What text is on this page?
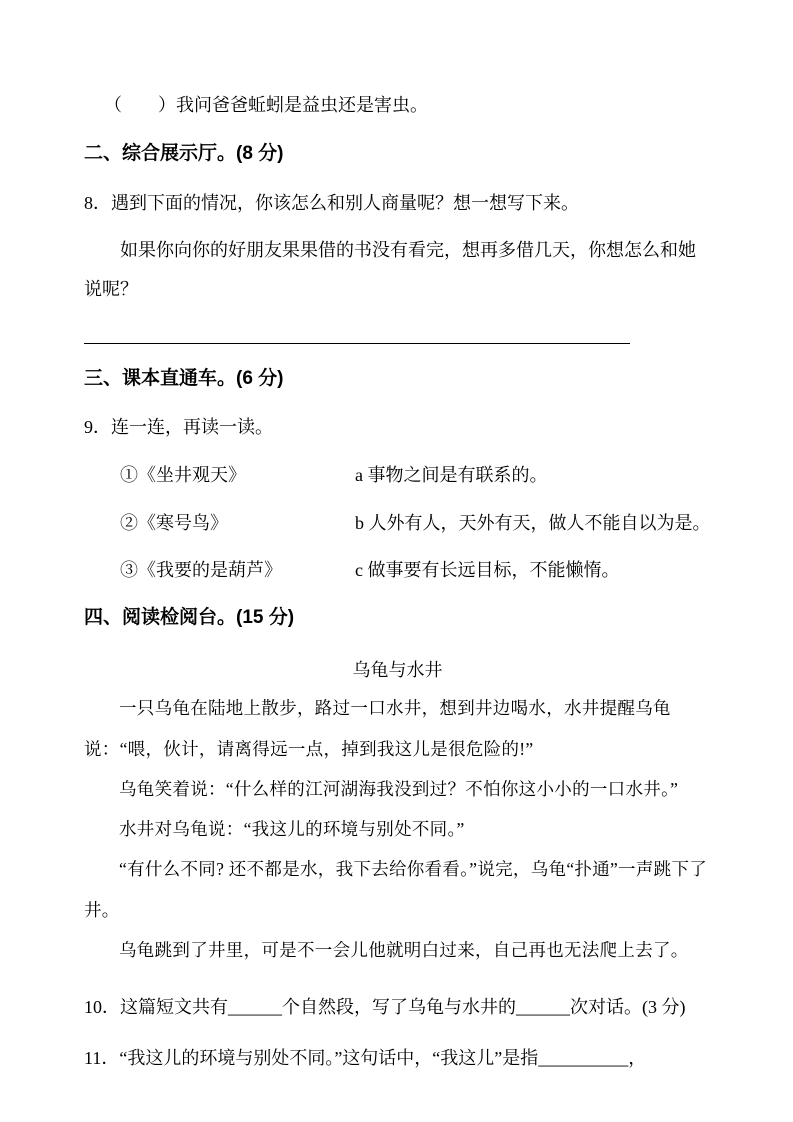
（　　）我问爸爸蚯蚓是益虫还是害虫。
二、综合展示厅。(8 分)
8．遇到下面的情况，你该怎么和别人商量呢？想一想写下来。

如果你向你的好朋友果果借的书没有看完，想再多借几天，你想怎么和她说呢？

三、课本直通车。(6 分)
9．连一连，再读一读。
①《坐井观天》	a 事物之间是有联系的。
②《寒号鸟》	b 人外有人，天外有天，做人不能自以为是。
③《我要的是葫芦》	c 做事要有长远目标，不能懒惰。
四、阅读检阅台。(15 分)
乌龟与水井

一只乌龟在陆地上散步，路过一口水井，想到井边喝水，水井提醒乌龟说：“喂，伙计，请离得远一点，掉到我这儿是很危险的!”

乌龟笑着说：“什么样的江河湖海我没到过？不怕你这小小的一口水井。”

水井对乌龟说：“我这儿的环境与别处不同。”

“有什么不同? 还不都是水，我下去给你看看。”说完，乌龟“扑通”一声跳下了井。

乌龟跳到了井里，可是不一会儿他就明白过来，自己再也无法爬上去了。

10．这篇短文共有______个自然段，写了乌龟与水井的______次对话。(3 分)
11．“我这儿的环境与别处不同。”这句话中，“我这儿”是指__________，
